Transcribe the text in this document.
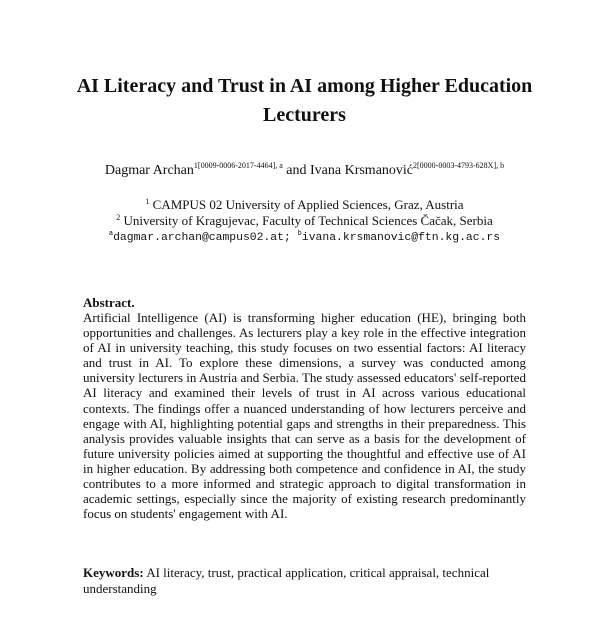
AI Literacy and Trust in AI among Higher Education
Lecturers
Dagmar Archan$^{1[0009-0006-2017-4464], a}$ and Ivana Krsmanović$^{2[0000-0003-4793-628X], b}$
$^1$ CAMPUS 02 University of Applied Sciences, Graz, Austria
$^2$ University of Kragujevac, Faculty of Technical Sciences Čačak, Serbia
$^a$dagmar.archan@campus02.at; $^b$ivana.krsmanovic@ftn.kg.ac.rs
Abstract.
Artificial Intelligence (AI) is transforming higher education (HE), bringing both opportunities and challenges. As lecturers play a key role in the effective integration of AI in university teaching, this study focuses on two essential factors: AI literacy and trust in AI. To explore these dimensions, a survey was conducted among university lecturers in Austria and Serbia. The study assessed educators' self-reported AI literacy and examined their levels of trust in AI across various educational contexts. The findings offer a nuanced understanding of how lecturers perceive and engage with AI, highlighting potential gaps and strengths in their preparedness. This analysis provides valuable insights that can serve as a basis for the development of future university policies aimed at supporting the thoughtful and effective use of AI in higher education. By addressing both competence and confidence in AI, the study contributes to a more informed and strategic approach to digital transformation in academic settings, especially since the majority of existing research predominantly focus on students' engagement with AI.
Keywords: AI literacy, trust, practical application, critical appraisal, technical understanding
